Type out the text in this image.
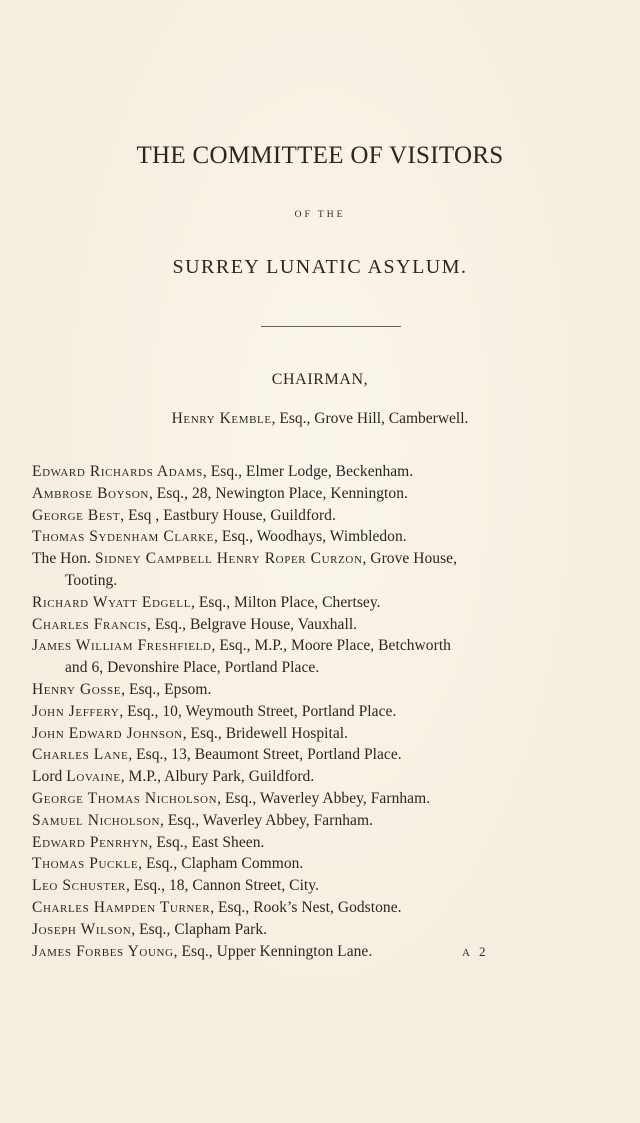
THE COMMITTEE OF VISITORS
OF THE
SURREY LUNATIC ASYLUM.
CHAIRMAN,
Henry Kemble, Esq., Grove Hill, Camberwell.
Edward Richards Adams, Esq., Elmer Lodge, Beckenham.
Ambrose Boyson, Esq., 28, Newington Place, Kennington.
George Best, Esq , Eastbury House, Guildford.
Thomas Sydenham Clarke, Esq., Woodhays, Wimbledon.
The Hon. Sidney Campbell Henry Roper Curzon, Grove House,
Tooting.
Richard Wyatt Edgell, Esq., Milton Place, Chertsey.
Charles Francis, Esq., Belgrave House, Vauxhall.
James William Freshfield, Esq., M.P., Moore Place, Betchworth
and 6, Devonshire Place, Portland Place.
Henry Gosse, Esq., Epsom.
John Jeffery, Esq., 10, Weymouth Street, Portland Place.
John Edward Johnson, Esq., Bridewell Hospital.
Charles Lane, Esq., 13, Beaumont Street, Portland Place.
Lord Lovaine, M.P., Albury Park, Guildford.
George Thomas Nicholson, Esq., Waverley Abbey, Farnham.
Samuel Nicholson, Esq., Waverley Abbey, Farnham.
Edward Penrhyn, Esq., East Sheen.
Thomas Puckle, Esq., Clapham Common.
Leo Schuster, Esq., 18, Cannon Street, City.
Charles Hampden Turner, Esq., Rook’s Nest, Godstone.
Joseph Wilson, Esq., Clapham Park.
James Forbes Young, Esq., Upper Kennington Lane.	A 2
